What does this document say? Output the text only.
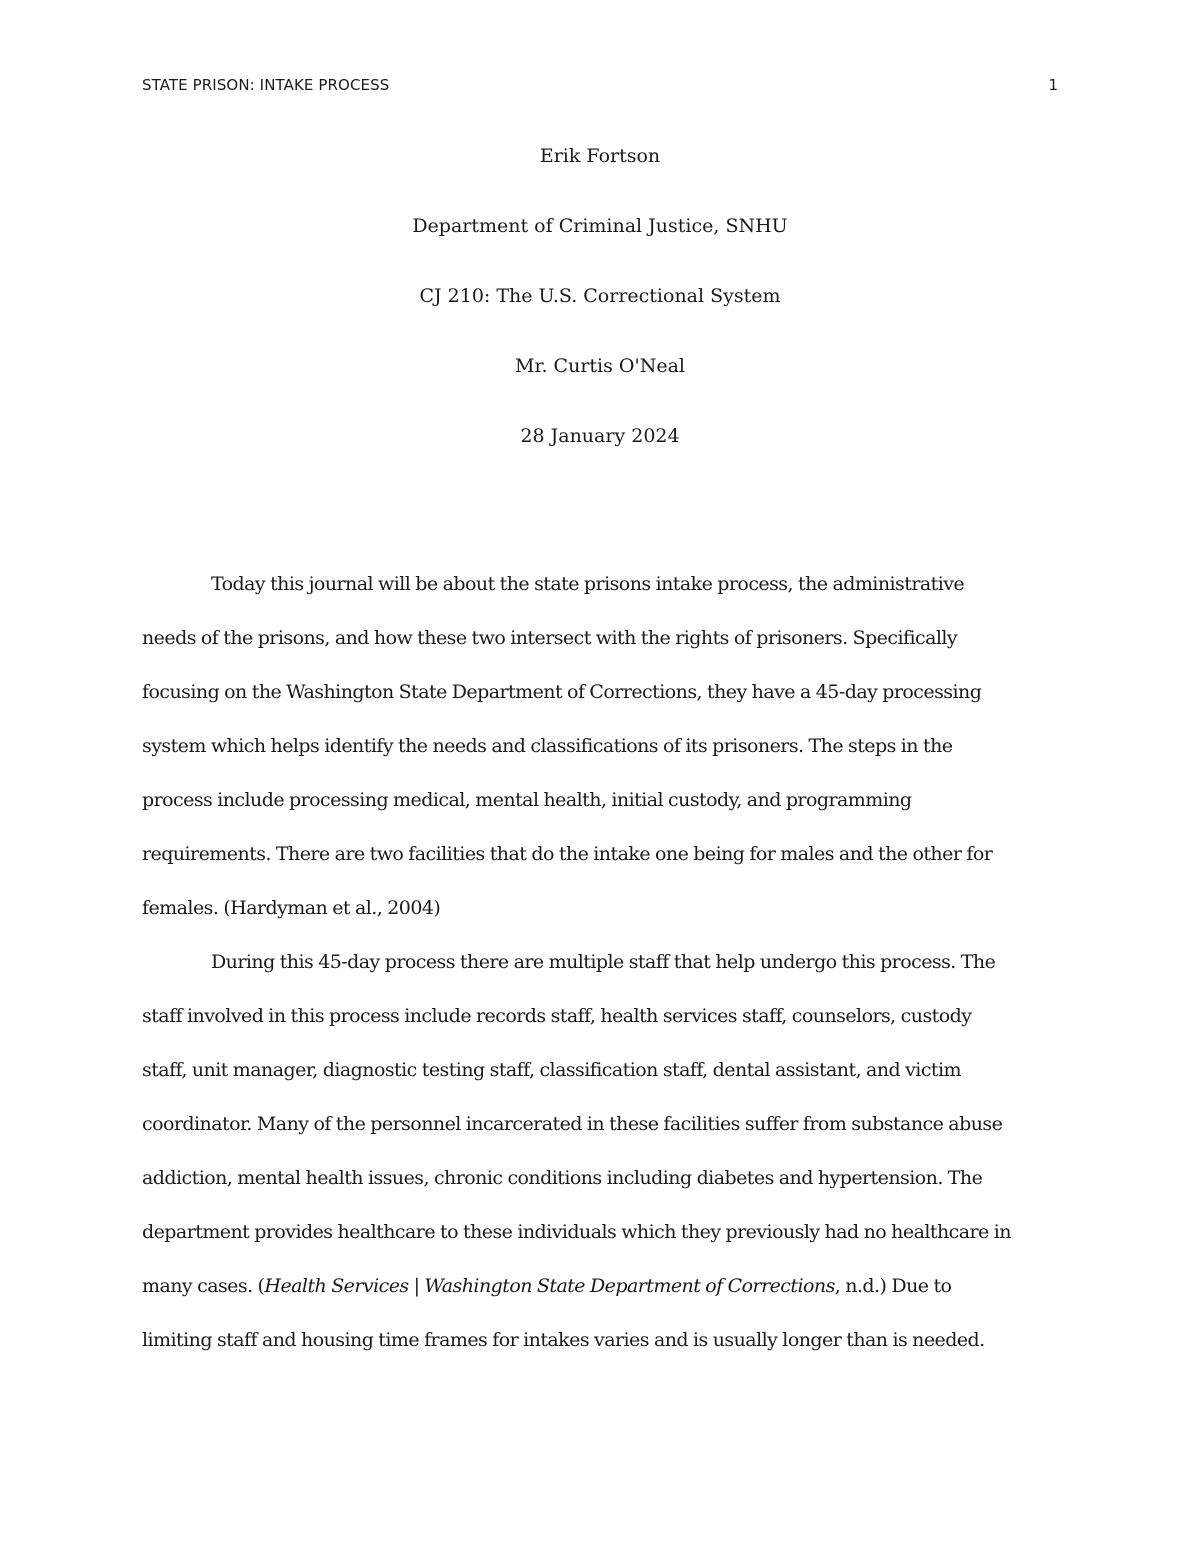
STATE PRISON: INTAKE PROCESS	1
Erik Fortson
Department of Criminal Justice, SNHU
CJ 210: The U.S. Correctional System
Mr. Curtis O'Neal
28 January 2024

Today this journal will be about the state prisons intake process, the administrative
needs of the prisons, and how these two intersect with the rights of prisoners. Specifically
focusing on the Washington State Department of Corrections, they have a 45-day processing
system which helps identify the needs and classifications of its prisoners. The steps in the
process include processing medical, mental health, initial custody, and programming
requirements. There are two facilities that do the intake one being for males and the other for
females. (Hardyman et al., 2004)

During this 45-day process there are multiple staff that help undergo this process. The
staff involved in this process include records staff, health services staff, counselors, custody
staff, unit manager, diagnostic testing staff, classification staff, dental assistant, and victim
coordinator. Many of the personnel incarcerated in these facilities suffer from substance abuse
addiction, mental health issues, chronic conditions including diabetes and hypertension. The
department provides healthcare to these individuals which they previously had no healthcare in
many cases. (Health Services | Washington State Department of Corrections, n.d.) Due to
limiting staff and housing time frames for intakes varies and is usually longer than is needed.
